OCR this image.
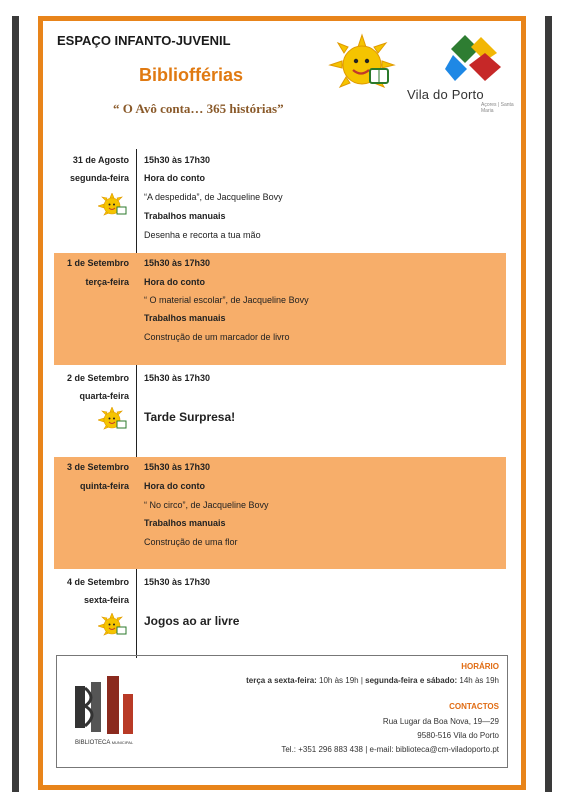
ESPAÇO INFANTO-JUVENIL
Bibliofférias
“ O Avô conta… 365 histórias”
Vila do Porto
Açores | Santa Maria
31 de Agosto
segunda-feira
15h30 às 17h30
Hora do conto
“A despedida”, de Jacqueline Bovy
Trabalhos manuais
Desenha e recorta a tua mão
1 de Setembro
terça-feira
15h30 às 17h30
Hora do conto
“ O material escolar”, de Jacqueline Bovy
Trabalhos manuais
Construção de um marcador de livro
2 de Setembro
quarta-feira
15h30 às 17h30
Tarde Surpresa!
3 de Setembro
quinta-feira
15h30 às 17h30
Hora do conto
“ No circo”, de Jacqueline Bovy
Trabalhos manuais
Construção de uma flor
4 de Setembro
sexta-feira
15h30 às 17h30
Jogos ao ar livre
BIBLIOTECA MUNICIPAL
HORÁRIO
terça a sexta-feira: 10h às 19h | segunda-feira e sábado: 14h às 19h
CONTACTOS
Rua Lugar da Boa Nova, 19—29
9580-516 Vila do Porto
Tel.: +351 296 883 438 | e-mail: biblioteca@cm-viladoporto.pt
